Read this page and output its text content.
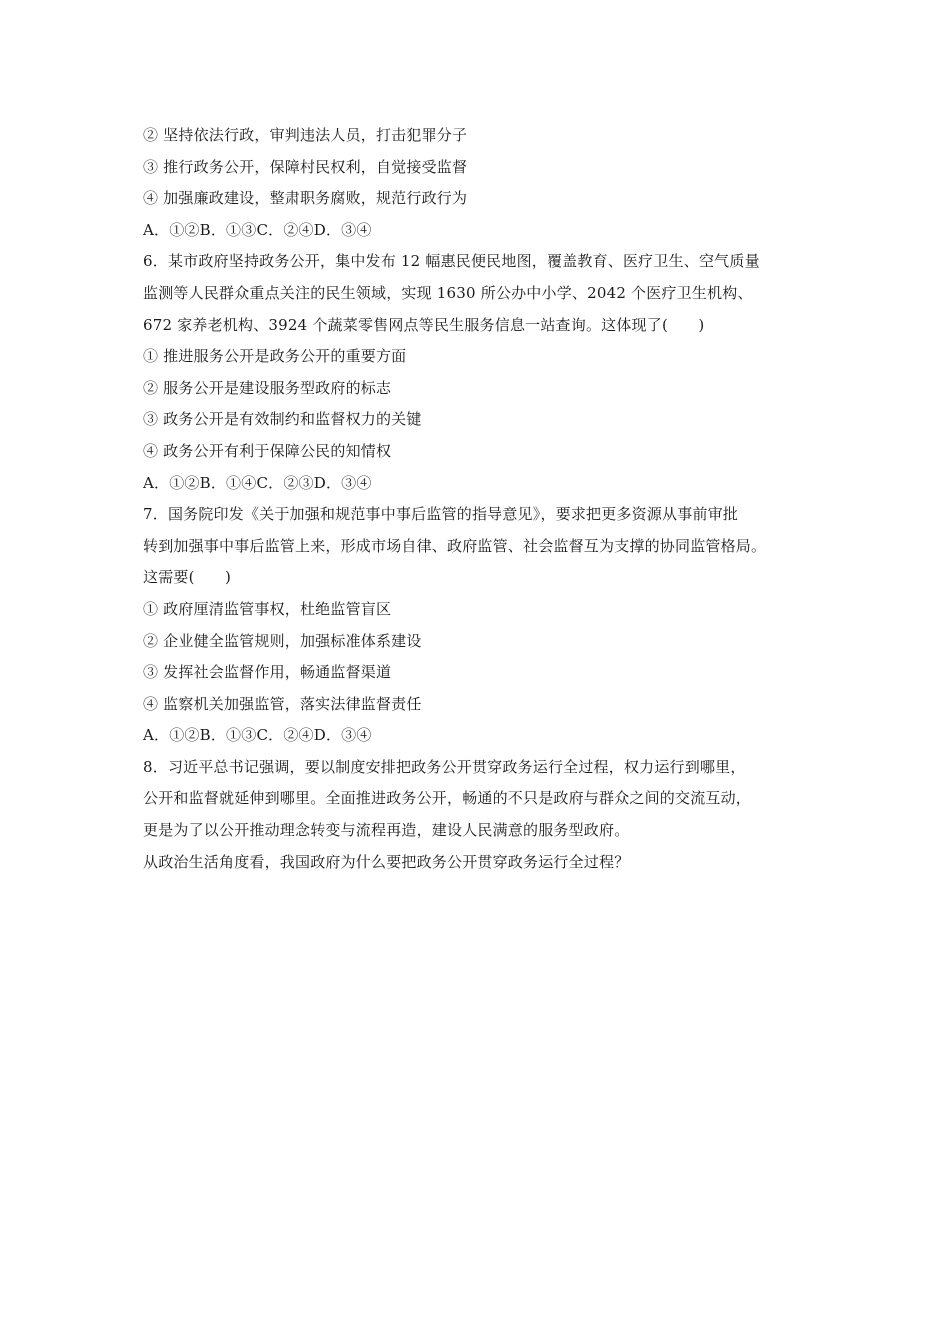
② 坚持依法行政，审判违法人员，打击犯罪分子
③ 推行政务公开，保障村民权利，自觉接受监督
④ 加强廉政建设，整肃职务腐败，规范行政行为
A．①②B．①③C．②④D．③④
6．某市政府坚持政务公开，集中发布 12 幅惠民便民地图，覆盖教育、医疗卫生、空气质量
监测等人民群众重点关注的民生领域，实现 1630 所公办中小学、2042 个医疗卫生机构、
672 家养老机构、3924 个蔬菜零售网点等民生服务信息一站查询。这体现了(　　)
① 推进服务公开是政务公开的重要方面
② 服务公开是建设服务型政府的标志
③ 政务公开是有效制约和监督权力的关键
④ 政务公开有利于保障公民的知情权
A．①②B．①④C．②③D．③④
7．国务院印发《关于加强和规范事中事后监管的指导意见》，要求把更多资源从事前审批
转到加强事中事后监管上来，形成市场自律、政府监管、社会监督互为支撑的协同监管格局。
这需要(　　)
① 政府厘清监管事权，杜绝监管盲区
② 企业健全监管规则，加强标准体系建设
③ 发挥社会监督作用，畅通监督渠道
④ 监察机关加强监管，落实法律监督责任
A．①②B．①③C．②④D．③④
8．习近平总书记强调，要以制度安排把政务公开贯穿政务运行全过程，权力运行到哪里，
公开和监督就延伸到哪里。全面推进政务公开，畅通的不只是政府与群众之间的交流互动，
更是为了以公开推动理念转变与流程再造，建设人民满意的服务型政府。
从政治生活角度看，我国政府为什么要把政务公开贯穿政务运行全过程？
